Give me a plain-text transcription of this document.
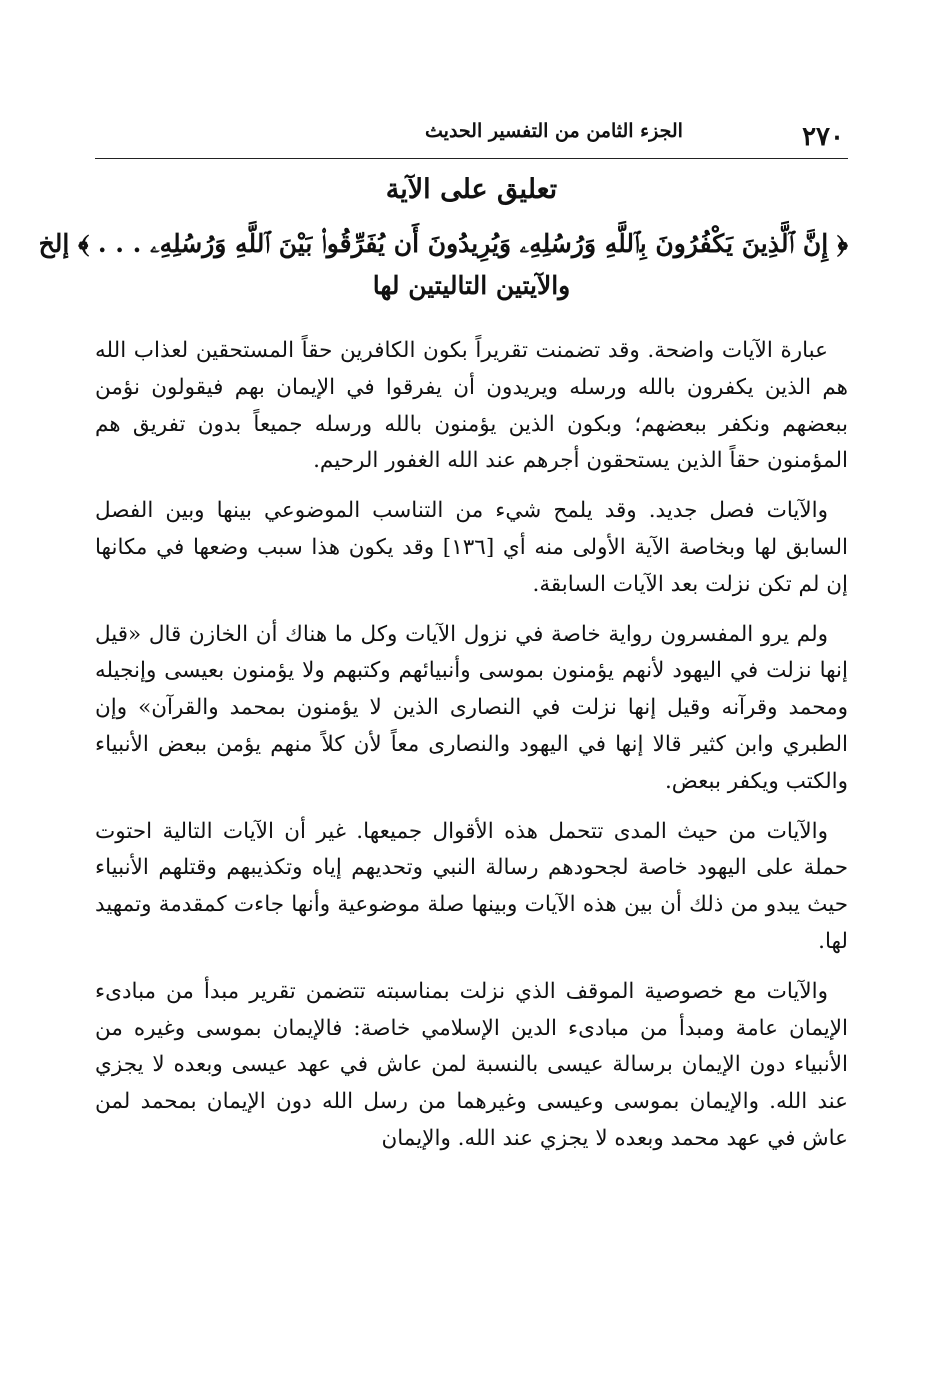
٢٧٠
الجزء الثامن من التفسير الحديث
تعليق على الآية

﴿ إِنَّ ٱلَّذِينَ يَكْفُرُونَ بِٱللَّهِ وَرُسُلِهِۦ وَيُرِيدُونَ أَن يُفَرِّقُوا۟ بَيْنَ ٱللَّهِ وَرُسُلِهِۦ . . . ﴾ إلخ

والآيتين التاليتين لها

عبارة الآيات واضحة. وقد تضمنت تقريراً بكون الكافرين حقاً المستحقين لعذاب الله هم الذين يكفرون بالله ورسله ويريدون أن يفرقوا في الإيمان بهم فيقولون نؤمن ببعضهم ونكفر ببعضهم؛ وبكون الذين يؤمنون بالله ورسله جميعاً بدون تفريق هم المؤمنون حقاً الذين يستحقون أجرهم عند الله الغفور الرحيم.

والآيات فصل جديد. وقد يلمح شيء من التناسب الموضوعي بينها وبين الفصل السابق لها وبخاصة الآية الأولى منه أي [١٣٦] وقد يكون هذا سبب وضعها في مكانها إن لم تكن نزلت بعد الآيات السابقة.

ولم يرو المفسرون رواية خاصة في نزول الآيات وكل ما هناك أن الخازن قال «قيل إنها نزلت في اليهود لأنهم يؤمنون بموسى وأنبيائهم وكتبهم ولا يؤمنون بعيسى وإنجيله ومحمد وقرآنه وقيل إنها نزلت في النصارى الذين لا يؤمنون بمحمد والقرآن» وإن الطبري وابن كثير قالا إنها في اليهود والنصارى معاً لأن كلاً منهم يؤمن ببعض الأنبياء والكتب ويكفر ببعض.

والآيات من حيث المدى تتحمل هذه الأقوال جميعها. غير أن الآيات التالية احتوت حملة على اليهود خاصة لجحودهم رسالة النبي وتحديهم إياه وتكذيبهم وقتلهم الأنبياء حيث يبدو من ذلك أن بين هذه الآيات وبينها صلة موضوعية وأنها جاءت كمقدمة وتمهيد لها.

والآيات مع خصوصية الموقف الذي نزلت بمناسبته تتضمن تقرير مبدأ من مبادىء الإيمان عامة ومبدأ من مبادىء الدين الإسلامي خاصة: فالإيمان بموسى وغيره من الأنبياء دون الإيمان برسالة عيسى بالنسبة لمن عاش في عهد عيسى وبعده لا يجزي عند الله. والإيمان بموسى وعيسى وغيرهما من رسل الله دون الإيمان بمحمد لمن عاش في عهد محمد وبعده لا يجزي عند الله. والإيمان
